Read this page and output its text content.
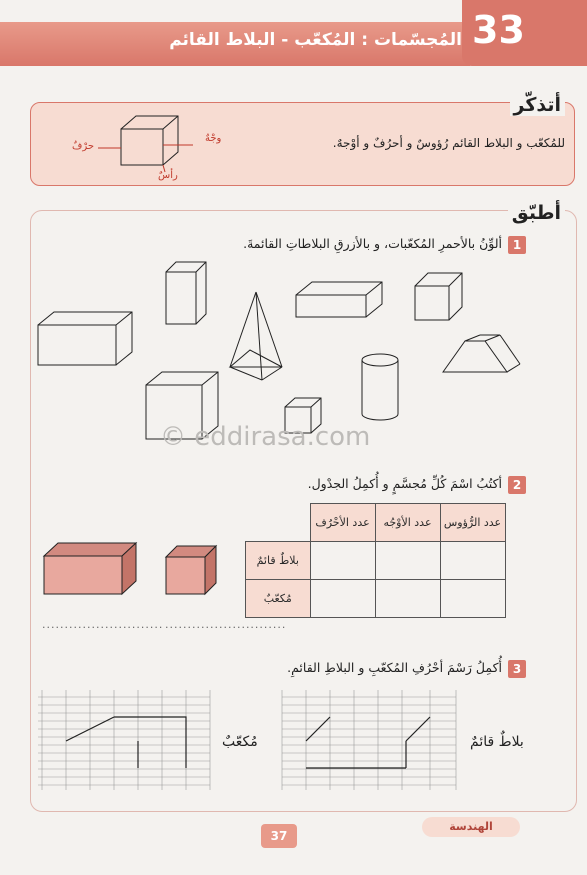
المُجسّمات : المُكعّب - البلاط القائم 33
أتذكّر
للمُكعّب و البلاط القائم رُؤوسٌ و أحرُفٌ و أوْجهٌ.
وجْهٌ
حرْفٌ
رأسٌ
أطبّق
1
ألوِّنُ بالأحمرِ المُكعّبات، و بالأزرقِ البلاطاتِ القائمةَ.
© eddirasa.com
2
أكتُبُ اسْمَ كُلِّ مُجسَّمٍ و أُكمِلُ الجدْول.
	عدد الأحْرُف	عدد الأوْجُه	عدد الرُّؤوس
بلاطٌ قائمٌ			
مُكعّبٌ			
........................... ...........................
3
أُكمِلُ رَسْمَ أحْرُفِ المُكعّبِ و البلاطِ القائمِ.
مُكعّبٌ	بلاطٌ قائمٌ
الهندسة
37
